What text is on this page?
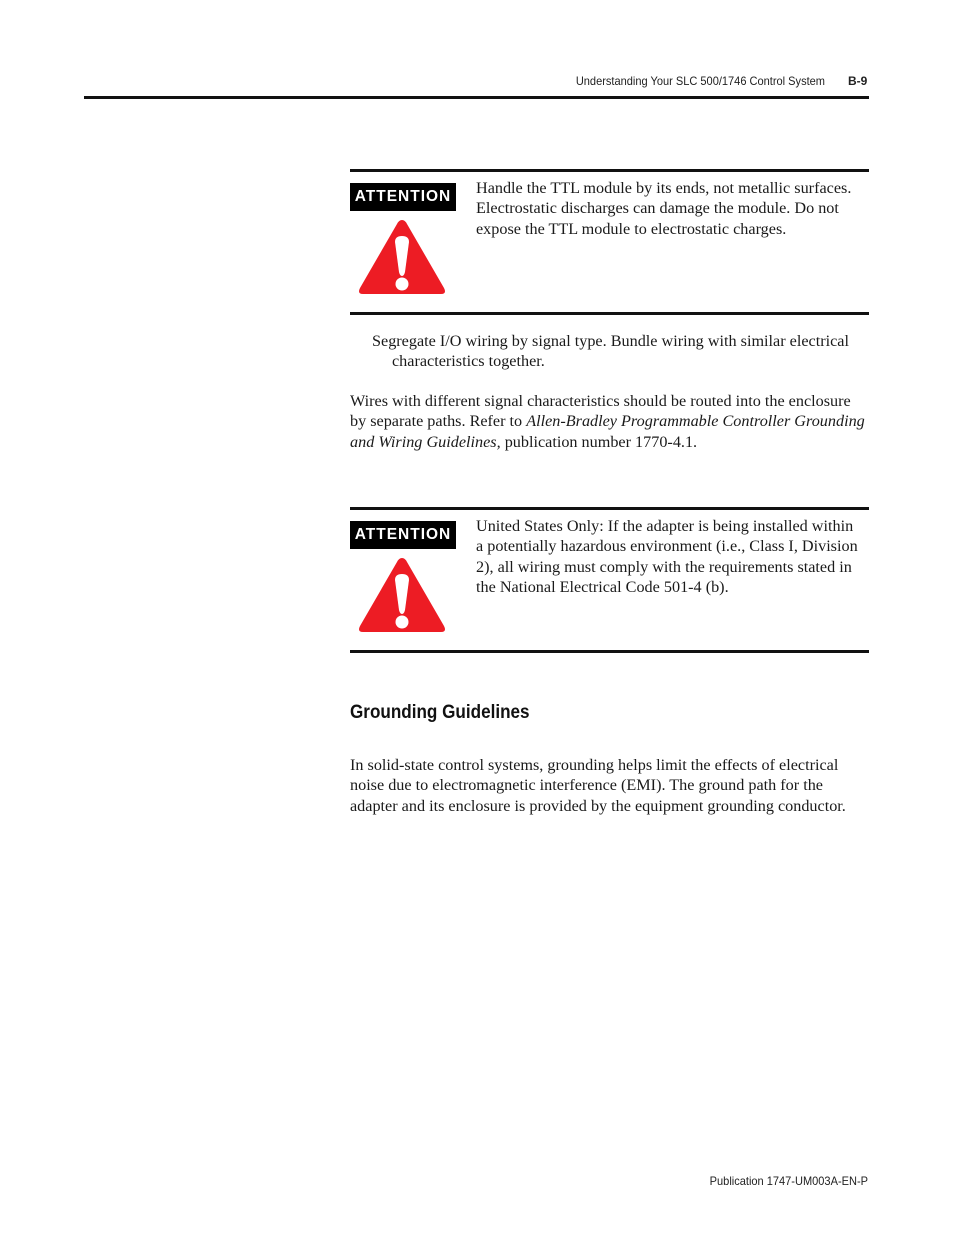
Understanding Your SLC 500/1746 Control System B-9
ATTENTION Handle the TTL module by its ends, not metallic surfaces.
Electrostatic discharges can damage the module. Do not
expose the TTL module to electrostatic charges.
Segregate I/O wiring by signal type. Bundle wiring with similar electrical
characteristics together.
Wires with different signal characteristics should be routed into the enclosure
by separate paths. Refer to Allen-Bradley Programmable Controller Grounding
and Wiring Guidelines, publication number 1770-4.1.
ATTENTION United States Only: If the adapter is being installed within
a potentially hazardous environment (i.e., Class I, Division
2), all wiring must comply with the requirements stated in
the National Electrical Code 501-4 (b).
Grounding Guidelines
In solid-state control systems, grounding helps limit the effects of electrical
noise due to electromagnetic interference (EMI). The ground path for the
adapter and its enclosure is provided by the equipment grounding conductor.
Publication 1747-UM003A-EN-P
